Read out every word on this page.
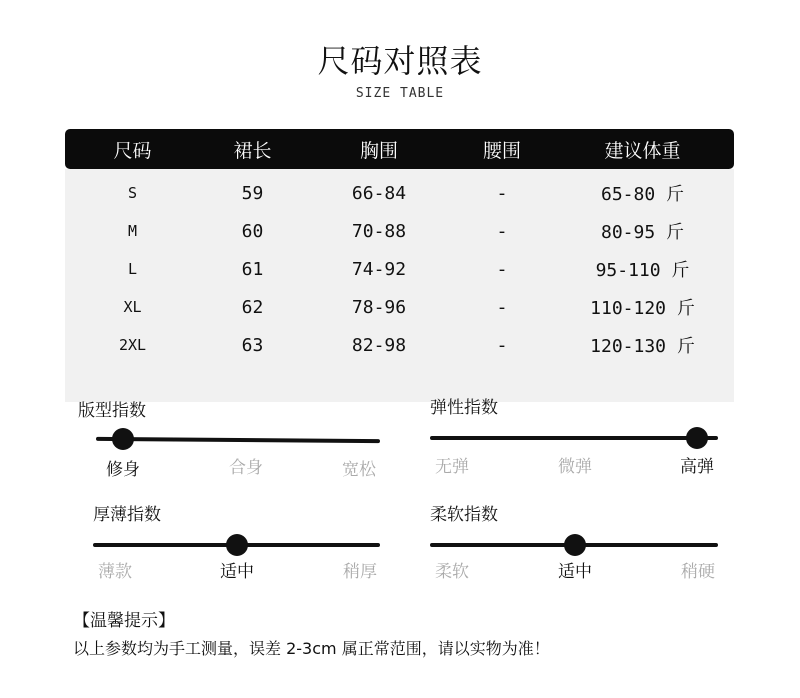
尺码对照表
SIZE TABLE
尺码	裙长	胸围	腰围	建议体重
S	59	66-84	-	65-80 斤
M	60	70-88	-	80-95 斤
L	61	74-92	-	95-110 斤
XL	62	78-96	-	110-120 斤
2XL	63	82-98	-	120-130 斤
版型指数
修身	合身	宽松
弹性指数
无弹	微弹	高弹
厚薄指数
薄款	适中	稍厚
柔软指数
柔软	适中	稍硬
【温馨提示】
以上参数均为手工测量，误差 2-3cm 属正常范围，请以实物为准！
